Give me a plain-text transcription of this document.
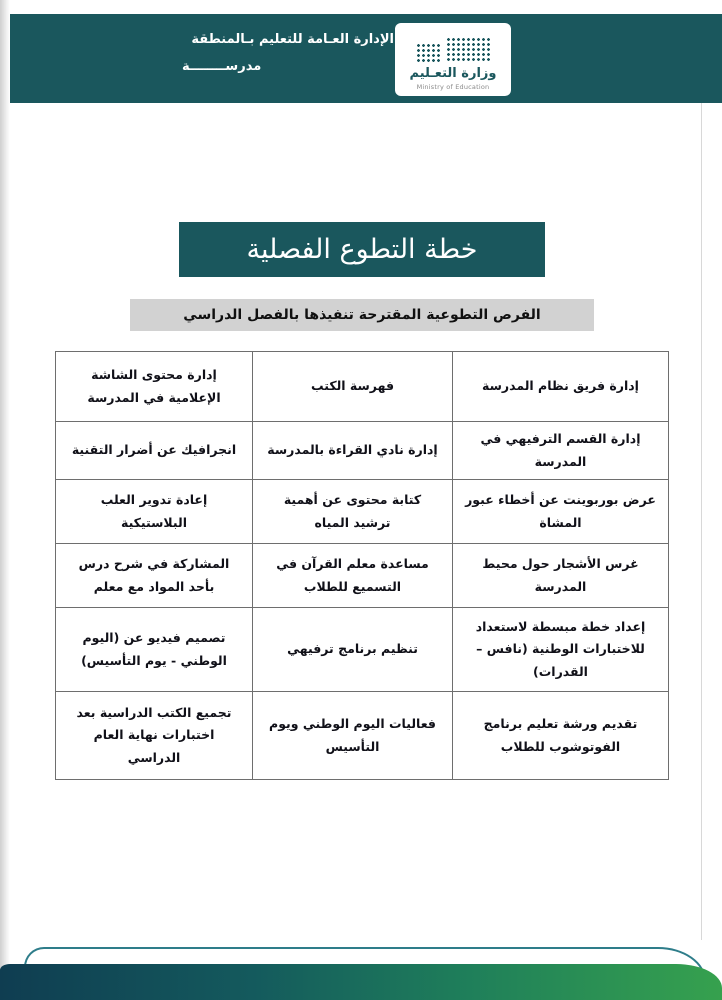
الإدارة العـامة للتعليم بـالمنطقة
مدرســــــــة	وزارة التعـليم
Ministry of Education
خطة التطوع الفصلية
الفرص التطوعية المقترحة تنفيذها بالفصل الدراسي
إدارة فريق نظام المدرسة	فهرسة الكتب	إدارة محتوى الشاشة الإعلامية في المدرسة
إدارة القسم الترفيهي في المدرسة	إدارة نادي القراءة بالمدرسة	انجرافيك عن أضرار التقنية
عرض بوربوينت عن أخطاء عبور المشاة	كتابة محتوى عن أهمية ترشيد المياه	إعادة تدوير العلب البلاستيكية
غرس الأشجار حول محيط المدرسة	مساعدة معلم القرآن في التسميع للطلاب	المشاركة في شرح درس بأحد المواد مع معلم
إعداد خطة مبسطة لاستعداد للاختبارات الوطنية (نافس – القدرات)	تنظيم برنامج ترفيهي	تصميم فيديو عن (اليوم الوطني - يوم التأسيس)
تقديم ورشة تعليم برنامج الفوتوشوب للطلاب	فعاليات اليوم الوطني ويوم التأسيس	تجميع الكتب الدراسية بعد اختبارات نهاية العام الدراسي
